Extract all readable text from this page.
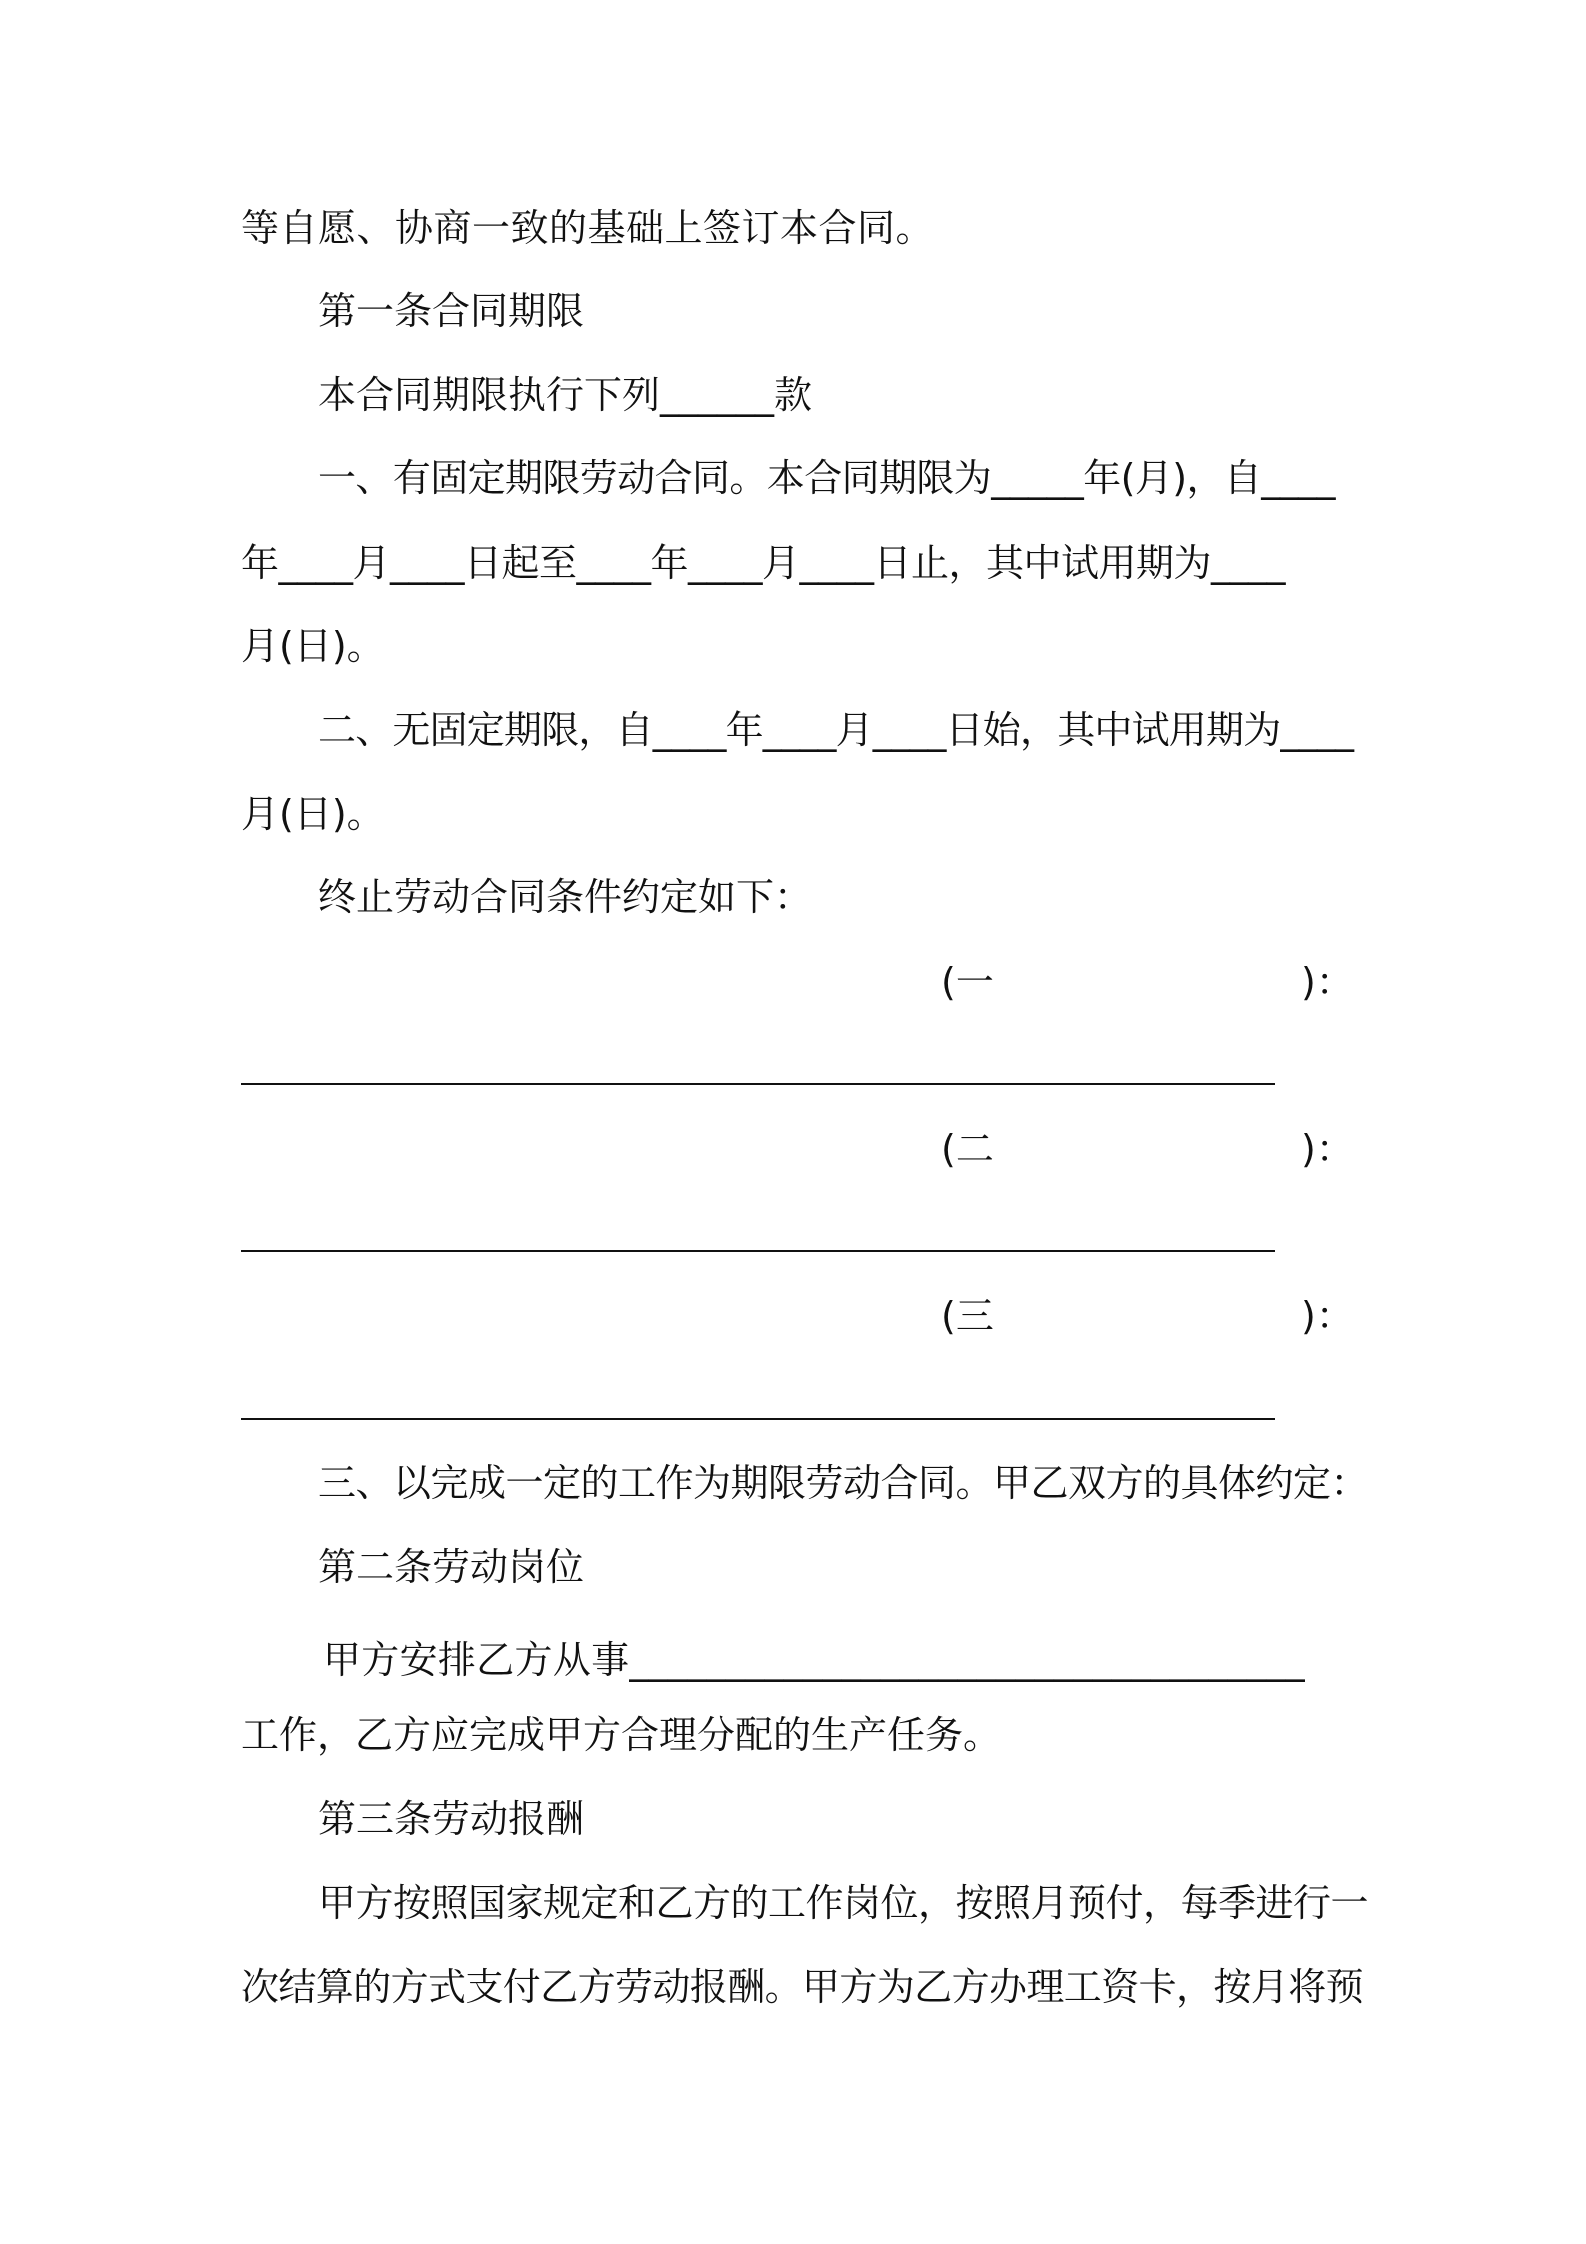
等自愿、协商一致的基础上签订本合同。

第一条合同期限

本合同期限执行下列______款

一、有固定期限劳动合同。本合同期限为_____年(月)，自____

年____月____日起至____年____月____日止，其中试用期为____

月(日)。

二、无固定期限，自____年____月____日始，其中试用期为____

月(日)。

终止劳动合同条件约定如下：

(一	)：

(二	)：

(三	)：

三、以完成一定的工作为期限劳动合同。甲乙双方的具体约定：

第二条劳动岗位

甲方安排乙方从事___________________________________

工作，乙方应完成甲方合理分配的生产任务。

第三条劳动报酬

甲方按照国家规定和乙方的工作岗位，按照月预付，每季进行一

次结算的方式支付乙方劳动报酬。甲方为乙方办理工资卡，按月将预
